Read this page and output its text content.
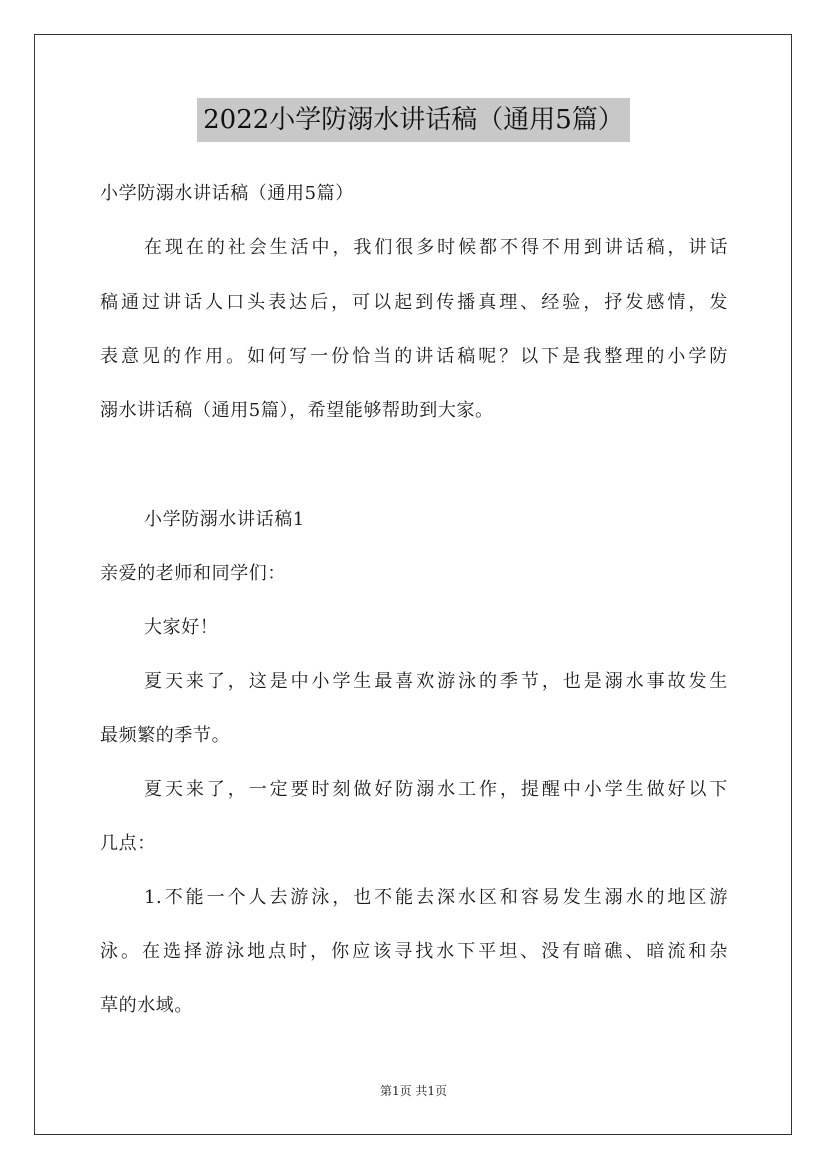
2022小学防溺水讲话稿（通用5篇）
小学防溺水讲话稿（通用5篇）
在现在的社会生活中，我们很多时候都不得不用到讲话稿，讲话
稿通过讲话人口头表达后，可以起到传播真理、经验，抒发感情，发
表意见的作用。如何写一份恰当的讲话稿呢？以下是我整理的小学防
溺水讲话稿（通用5篇），希望能够帮助到大家。
小学防溺水讲话稿1
亲爱的老师和同学们：
大家好！
夏天来了，这是中小学生最喜欢游泳的季节，也是溺水事故发生
最频繁的季节。
夏天来了，一定要时刻做好防溺水工作，提醒中小学生做好以下
几点：
1.不能一个人去游泳，也不能去深水区和容易发生溺水的地区游
泳。在选择游泳地点时，你应该寻找水下平坦、没有暗礁、暗流和杂
草的水域。
第1页 共1页
